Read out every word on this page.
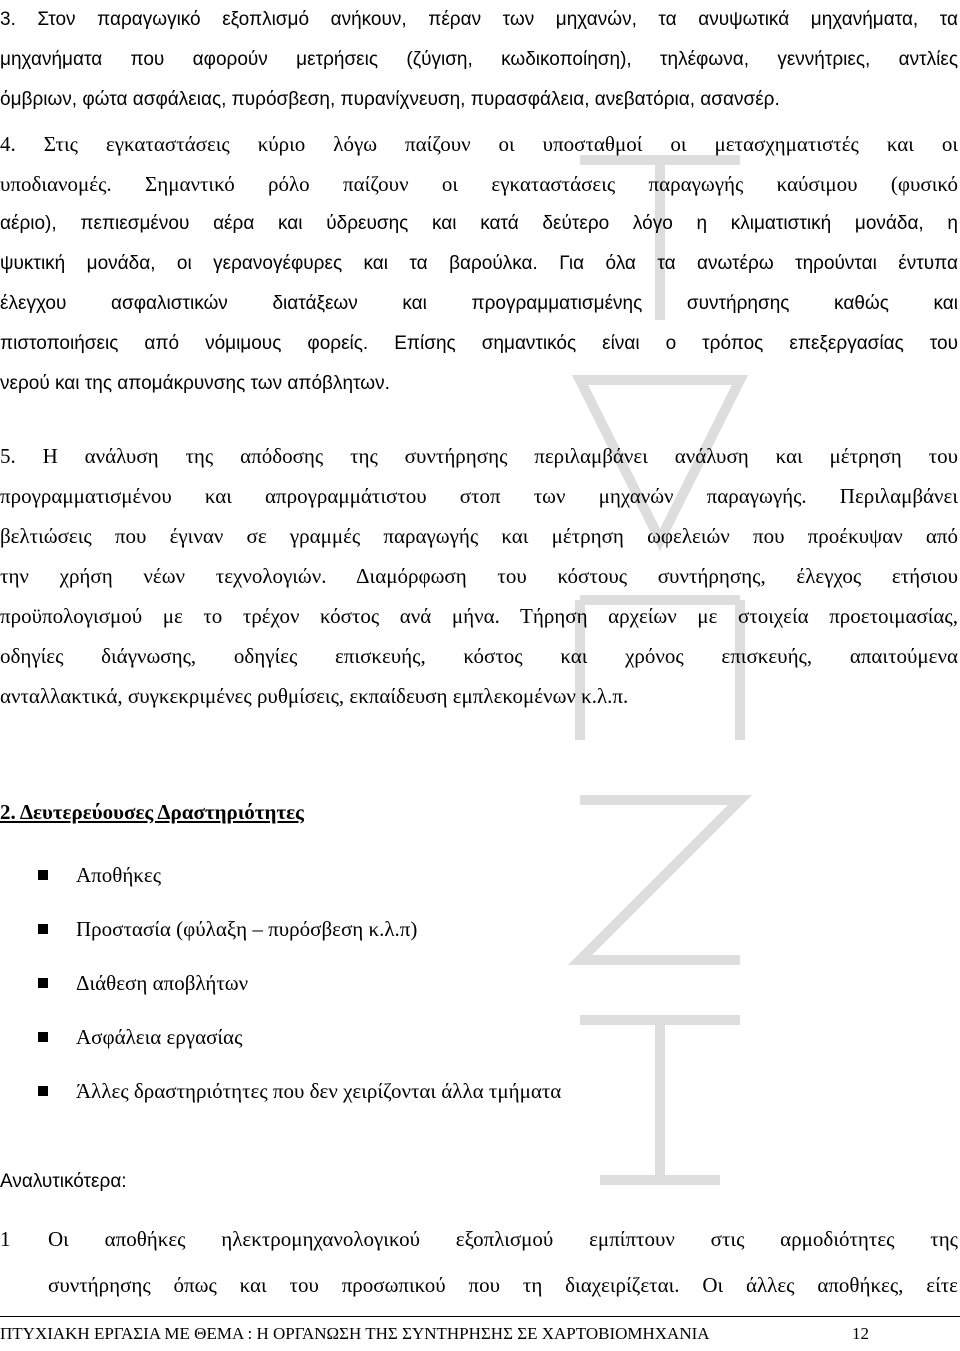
3. Στον παραγωγικό εξοπλισμό ανήκουν, πέραν των μηχανών, τα ανυψωτικά μηχανήματα, τα
μηχανήματα που αφορούν μετρήσεις (ζύγιση, κωδικοποίηση), τηλέφωνα, γεννήτριες, αντλίες
όμβριων, φώτα ασφάλειας, πυρόσβεση, πυρανίχνευση, πυρασφάλεια, ανεβατόρια, ασανσέρ.
4. Στις εγκαταστάσεις κύριο λόγω παίζουν οι υποσταθμοί οι μετασχηματιστές και οι
υποδιανομές. Σημαντικό ρόλο παίζουν οι εγκαταστάσεις παραγωγής καύσιμου (φυσικό
αέριο), πεπιεσμένου αέρα και ύδρευσης και κατά δεύτερο λόγο η κλιματιστική μονάδα, η
ψυκτική μονάδα, οι γερανογέφυρες και τα βαρούλκα. Για όλα τα ανωτέρω τηρούνται έντυπα
έλεγχου ασφαλιστικών διατάξεων και προγραμματισμένης συντήρησης καθώς και
πιστοποιήσεις από νόμιμους φορείς. Επίσης σημαντικός είναι ο τρόπος επεξεργασίας του
νερού και της απομάκρυνσης των απόβλητων.
5. Η ανάλυση της απόδοσης της συντήρησης περιλαμβάνει ανάλυση και μέτρηση του
προγραμματισμένου και απρογραμμάτιστου στοπ των μηχανών παραγωγής. Περιλαμβάνει
βελτιώσεις που έγιναν σε γραμμές παραγωγής και μέτρηση ωφελειών που προέκυψαν από
την χρήση νέων τεχνολογιών. Διαμόρφωση του κόστους συντήρησης, έλεγχος ετήσιου
προϋπολογισμού με το τρέχον κόστος ανά μήνα. Τήρηση αρχείων με στοιχεία προετοιμασίας,
οδηγίες διάγνωσης, οδηγίες επισκευής, κόστος και χρόνος επισκευής, απαιτούμενα
ανταλλακτικά, συγκεκριμένες ρυθμίσεις, εκπαίδευση εμπλεκομένων κ.λ.π.
2. Δευτερεύουσες Δραστηριότητες
Αποθήκες
Προστασία (φύλαξη – πυρόσβεση κ.λ.π)
Διάθεση αποβλήτων
Ασφάλεια εργασίας
Άλλες δραστηριότητες που δεν χειρίζονται άλλα τμήματα
Αναλυτικότερα:
1 Οι αποθήκες ηλεκτρομηχανολογικού εξοπλισμού εμπίπτουν στις αρμοδιότητες της
συντήρησης όπως και του προσωπικού που τη διαχειρίζεται. Οι άλλες αποθήκες, είτε
ΠΤΥΧΙΑΚΗ ΕΡΓΑΣΙΑ ΜΕ ΘΕΜΑ : Η ΟΡΓΑΝΩΣΗ ΤΗΣ ΣΥΝΤΗΡΗΣΗΣ ΣΕ ΧΑΡΤΟΒΙΟΜΗΧΑΝΙΑ	12
